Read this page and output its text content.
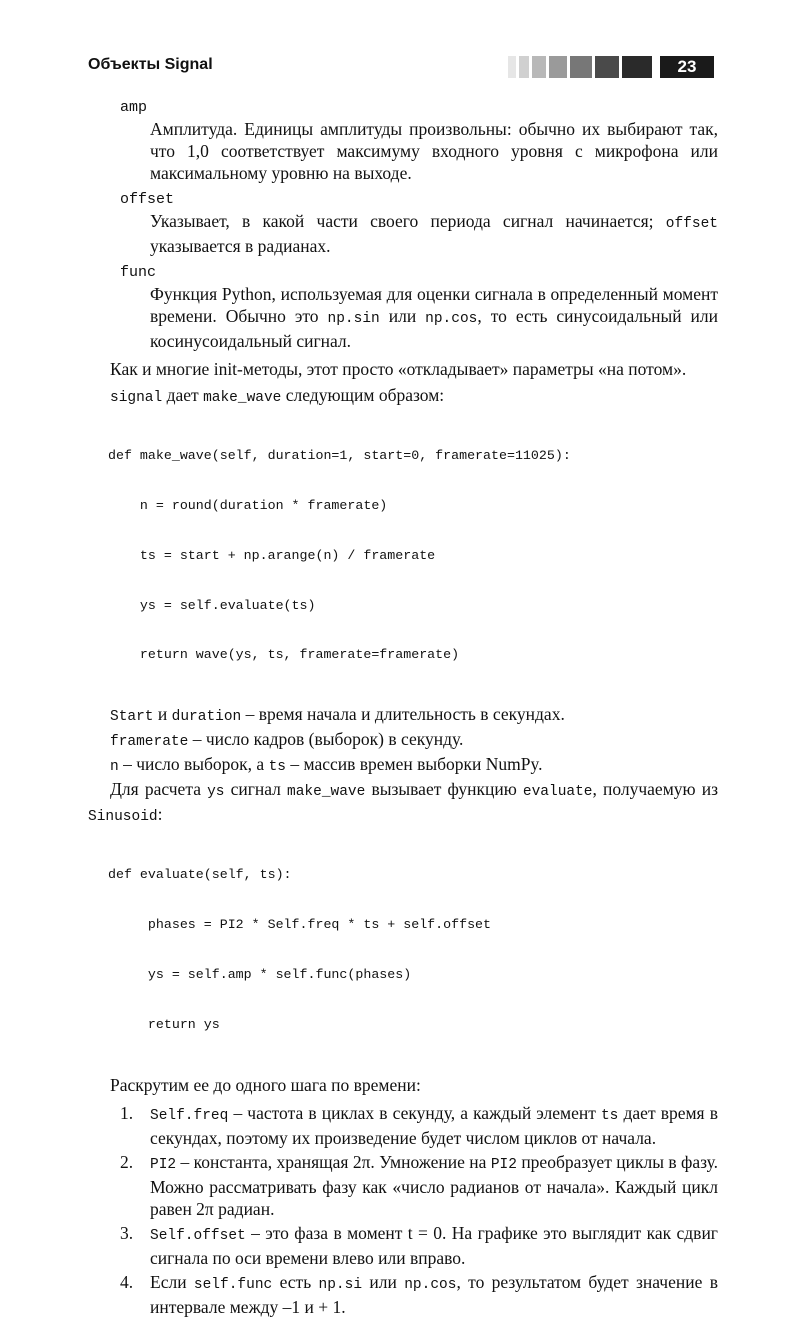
Объекты Signal	23
amp
Амплитуда. Единицы амплитуды произвольны: обычно их выбирают так, что 1,0 соответствует максимуму входного уровня с микрофона или максимальному уровню на выходе.
offset
Указывает, в какой части своего периода сигнал начинается; offset указывается в радианах.
func
Функция Python, используемая для оценки сигнала в определенный момент времени. Обычно это np.sin или np.cos, то есть синусоидальный или косинусоидальный сигнал.
Как и многие init-методы, этот просто «откладывает» параметры «на потом».
signal дает make_wave следующим образом:

def make_wave(self, duration=1, start=0, framerate=11025):

n = round(duration * framerate)

ts = start + np.arange(n) / framerate

ys = self.evaluate(ts)

return wave(ys, ts, framerate=framerate)

Start и duration – время начала и длительность в секундах.
framerate – число кадров (выборок) в секунду.
n – число выборок, а ts – массив времен выборки NumPy.
Для расчета ys сигнал make_wave вызывает функцию evaluate, получаемую из Sinusoid:

def evaluate(self, ts):

phases = PI2 * Self.freq * ts + self.offset

ys = self.amp * self.func(phases)

return ys

Раскрутим ее до одного шага по времени:
1. Self.freq – частота в циклах в секунду, а каждый элемент ts дает время в секундах, поэтому их произведение будет числом циклов от начала.
2. PI2 – константа, хранящая 2π. Умножение на PI2 преобразует циклы в фазу. Можно рассматривать фазу как «число радианов от начала». Каждый цикл равен 2π радиан.
3. Self.offset – это фаза в момент t = 0. На графике это выглядит как сдвиг сигнала по оси времени влево или вправо.
4. Если self.func есть np.si или np.cos, то результатом будет значение в интервале между –1 и + 1.
